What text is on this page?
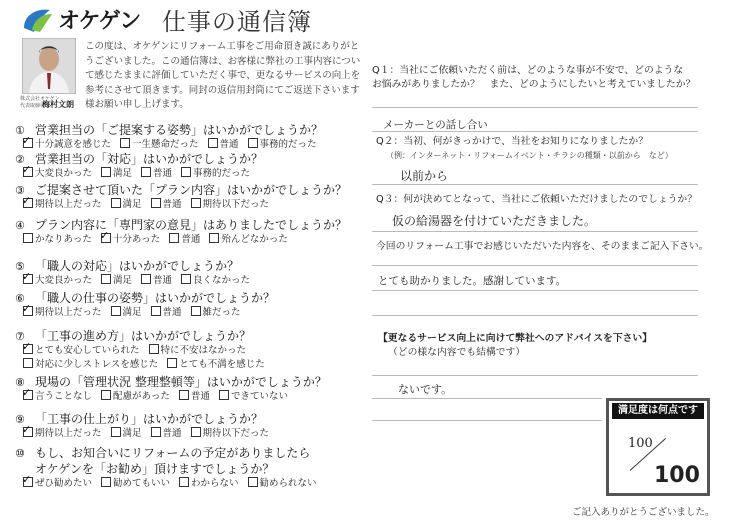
オケゲン 仕事の通信簿
株式会社オケゲン
代表取締役
梅村文朗
この度は、オケゲンにリフォーム工事をご用命頂き誠にありがとうございました。この通信簿は、お客様に弊社の工事内容について感じたままに評価していただく事で、更なるサービスの向上を参考にさせて頂きます。同封の返信用封筒にてご返送下さいます様お願い申し上げます。
① 営業担当の「ご提案する姿勢」はいかがでしょうか？
✓十分誠意を感じた 一生懸命だった 普通 事務的だった
② 営業担当の「対応」はいかがでしょうか？
✓大変良かった 満足 普通 事務的だった
③ ご提案させて頂いた「プラン内容」はいかがでしょうか？
✓期待以上だった 満足 普通 期待以下だった
④ プラン内容に「専門家の意見」はありましたでしょうか？
かなりあった✓ 十分あった 普通 殆んどなかった
⑤ 「職人の対応」はいかがでしょうか？
✓大変良かった 満足 普通 良くなかった
⑥ 「職人の仕事の姿勢」はいかがでしょうか？
✓期待以上だった 満足 普通 雑だった
⑦ 「工事の進め方」はいかがでしょうか？
✓とても安心していられた 特に不安はなかった
対応に少しストレスを感じた とても不満を感じた
⑧ 現場の「管理状況 整理整頓等」はいかがでしょうか？
✓言うことなし 配慮があった 普通 できていない
⑨ 「工事の仕上がり」はいかがでしょうか？
✓期待以上だった 満足 普通 期待以下だった
⑩ もし、お知合いにリフォームの予定がありましたら
オケゲンを「お勧め」頂けますでしょうか？
✓ぜひ勧めたい 勧めてもいい わからない 勧められない
Q１：当社にご依頼いただく前は、どのような事が不安で、どのような
お悩みがありましたか？　また、どのようにしたいと考えていましたか？
メーカーとの話し合い
Q２：当初、何がきっかけで、当社をお知りになりましたか？
（例：インターネット・リフォームイベント・チラシの種類・以前から　など）
以前から
Q３：何が決めてとなって、当社にご依頼いただけましたのでしょうか？
仮の給湯器を付けていただきました。
今回のリフォーム工事でお感じいただいた内容を、そのままご記入下さい。
とても助かりました。感謝しています。
【更なるサービス向上に向けて弊社へのアドバイスを下さい】
（どの様な内容でも結構です）
ないです。
満足度は何点ですか？
100
100
ご記入ありがとうございました。
